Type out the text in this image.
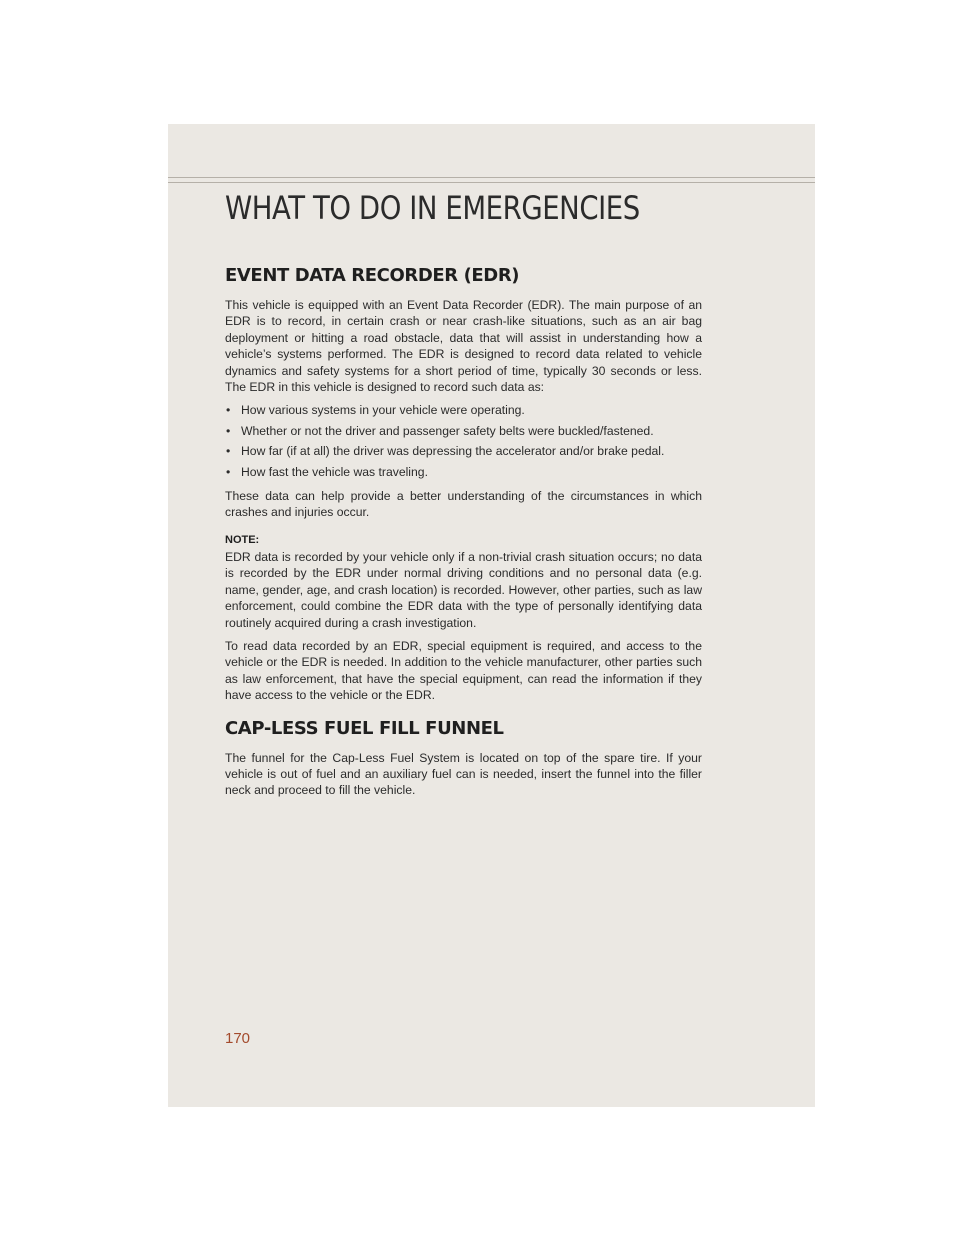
WHAT TO DO IN EMERGENCIES
EVENT DATA RECORDER (EDR)

This vehicle is equipped with an Event Data Recorder (EDR). The main purpose of an EDR is to record, in certain crash or near crash-like situations, such as an air bag deployment or hitting a road obstacle, data that will assist in understanding how a vehicle’s systems performed. The EDR is designed to record data related to vehicle dynamics and safety systems for a short period of time, typically 30 seconds or less. The EDR in this vehicle is designed to record such data as:

• How various systems in your vehicle were operating.
• Whether or not the driver and passenger safety belts were buckled/fastened.
• How far (if at all) the driver was depressing the accelerator and/or brake pedal.
• How fast the vehicle was traveling.

These data can help provide a better understanding of the circumstances in which crashes and injuries occur.

NOTE:

EDR data is recorded by your vehicle only if a non-trivial crash situation occurs; no data is recorded by the EDR under normal driving conditions and no personal data (e.g. name, gender, age, and crash location) is recorded. However, other parties, such as law enforcement, could combine the EDR data with the type of personally identifying data routinely acquired during a crash investigation.

To read data recorded by an EDR, special equipment is required, and access to the vehicle or the EDR is needed. In addition to the vehicle manufacturer, other parties such as law enforcement, that have the special equipment, can read the information if they have access to the vehicle or the EDR.

CAP-LESS FUEL FILL FUNNEL

The funnel for the Cap-Less Fuel System is located on top of the spare tire. If your vehicle is out of fuel and an auxiliary fuel can is needed, insert the funnel into the filler neck and proceed to fill the vehicle.

170
